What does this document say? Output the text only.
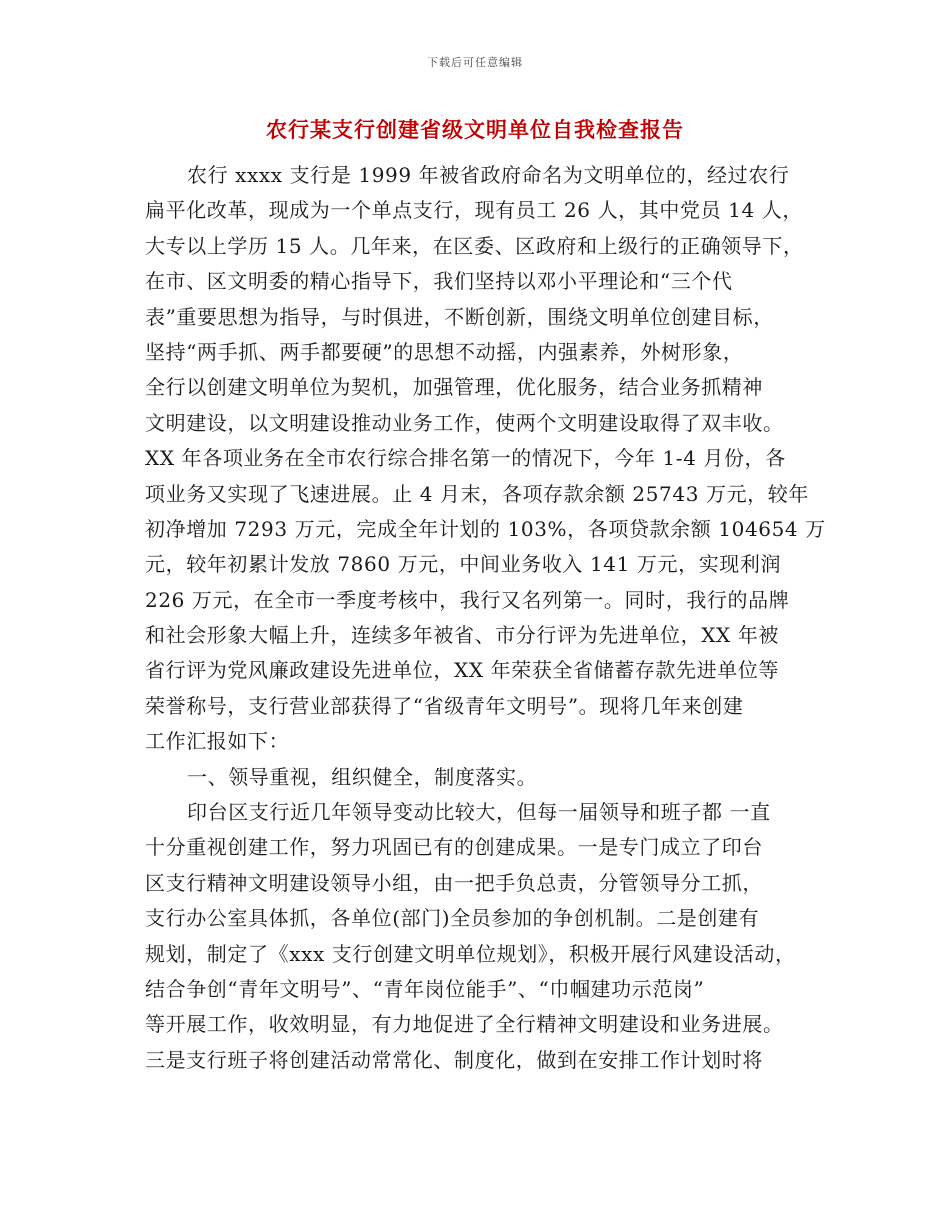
下载后可任意编辑
农行某支行创建省级文明单位自我检查报告
农行 xxxx 支行是 1999 年被省政府命名为文明单位的，经过农行
扁平化改革，现成为一个单点支行，现有员工 26 人，其中党员 14 人，
大专以上学历 15 人。几年来，在区委、区政府和上级行的正确领导下，
在市、区文明委的精心指导下，我们坚持以邓小平理论和“三个代
表”重要思想为指导，与时俱进，不断创新，围绕文明单位创建目标，
坚持“两手抓、两手都要硬”的思想不动摇，内强素养，外树形象，
全行以创建文明单位为契机，加强管理，优化服务，结合业务抓精神
文明建设，以文明建设推动业务工作，使两个文明建设取得了双丰收。
XX 年各项业务在全市农行综合排名第一的情况下，今年 1-4 月份，各
项业务又实现了飞速进展。止 4 月末，各项存款余额 25743 万元，较年
初净增加 7293 万元，完成全年计划的 103%，各项贷款余额 104654 万
元，较年初累计发放 7860 万元，中间业务收入 141 万元，实现利润
226 万元，在全市一季度考核中，我行又名列第一。同时，我行的品牌
和社会形象大幅上升，连续多年被省、市分行评为先进单位，XX 年被
省行评为党风廉政建设先进单位，XX 年荣获全省储蓄存款先进单位等
荣誉称号，支行营业部获得了“省级青年文明号”。现将几年来创建
工作汇报如下：
一、领导重视，组织健全，制度落实。
印台区支行近几年领导变动比较大，但每一届领导和班子都 一直
十分重视创建工作，努力巩固已有的创建成果。一是专门成立了印台
区支行精神文明建设领导小组，由一把手负总责，分管领导分工抓，
支行办公室具体抓，各单位(部门)全员参加的争创机制。二是创建有
规划，制定了《xxx 支行创建文明单位规划》，积极开展行风建设活动，
结合争创“青年文明号”、“青年岗位能手”、“巾帼建功示范岗”
等开展工作，收效明显，有力地促进了全行精神文明建设和业务进展。
三是支行班子将创建活动常常化、制度化，做到在安排工作计划时将
